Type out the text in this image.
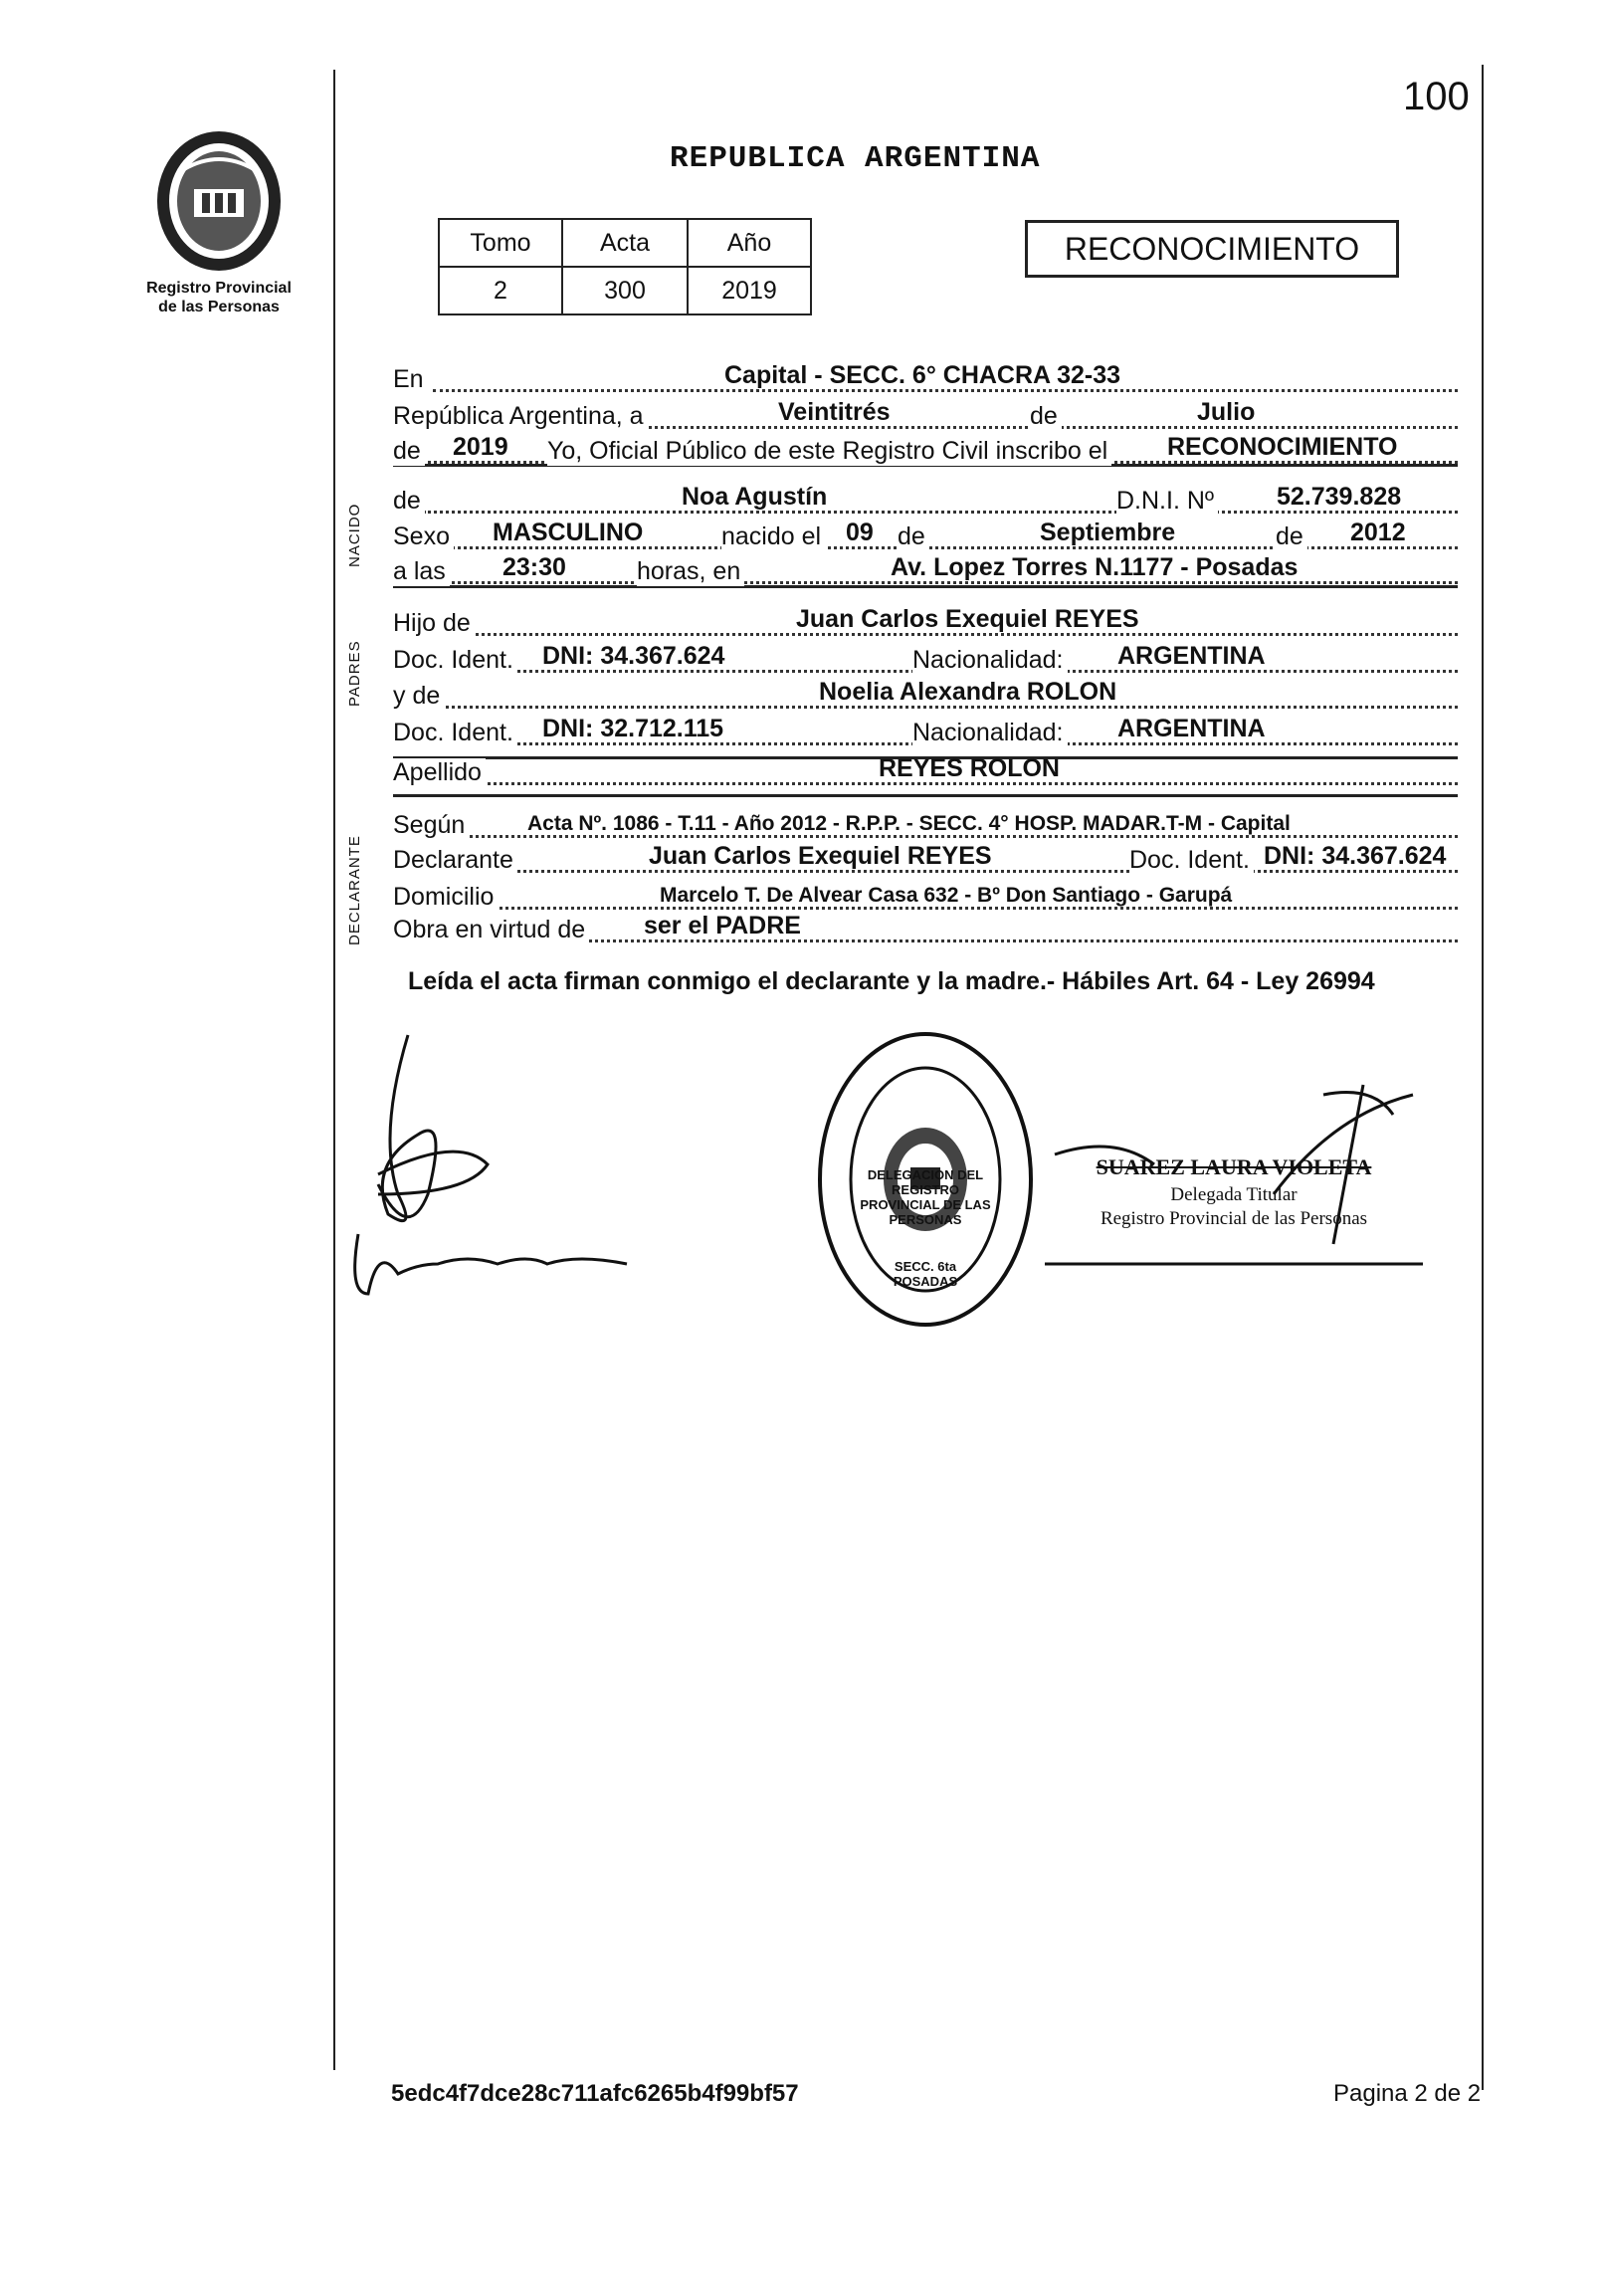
100
Registro Provincial
de las Personas
REPUBLICA ARGENTINA
Tomo	Acta	Año
2	300	2019
RECONOCIMIENTO
NACIDO
PADRES
DECLARANTE
En	Capital - SECC. 6° CHACRA 32-33
República Argentina, a	Veintitrés	de	Julio
de 2019 Yo, Oficial Público de este Registro Civil inscribo el RECONOCIMIENTO
de	Noa Agustín	D.N.I. Nº	52.739.828
Sexo MASCULINO	nacido el 09 de	Septiembre	de 2012
a las 23:30	horas, en	Av. Lopez Torres N.1177 - Posadas
Hijo de	Juan Carlos Exequiel REYES
Doc. Ident. DNI: 34.367.624	Nacionalidad: ARGENTINA
y de	Noelia Alexandra ROLON
Doc. Ident. DNI: 32.712.115	Nacionalidad: ARGENTINA
Apellido	REYES ROLON
Según	Acta Nº. 1086 - T.11 - Año 2012 - R.P.P. - SECC. 4° HOSP. MADAR.T-M - Capital
Declarante	Juan Carlos Exequiel REYES	Doc. Ident. DNI: 34.367.624
Domicilio	Marcelo T. De Alvear Casa 632 - Bº Don Santiago - Garupá
Obra en virtud de ser el PADRE
Leída el acta firman conmigo el declarante y la madre.- Hábiles Art. 64 - Ley 26994
DELEGACION DEL REGISTRO PROVINCIAL DE LAS PERSONAS
SECC. 6ta POSADAS
SUAREZ LAURA VIOLETA
Delegada Titular
Registro Provincial de las Personas
5edc4f7dce28c711afc6265b4f99bf57	Pagina 2 de 2
